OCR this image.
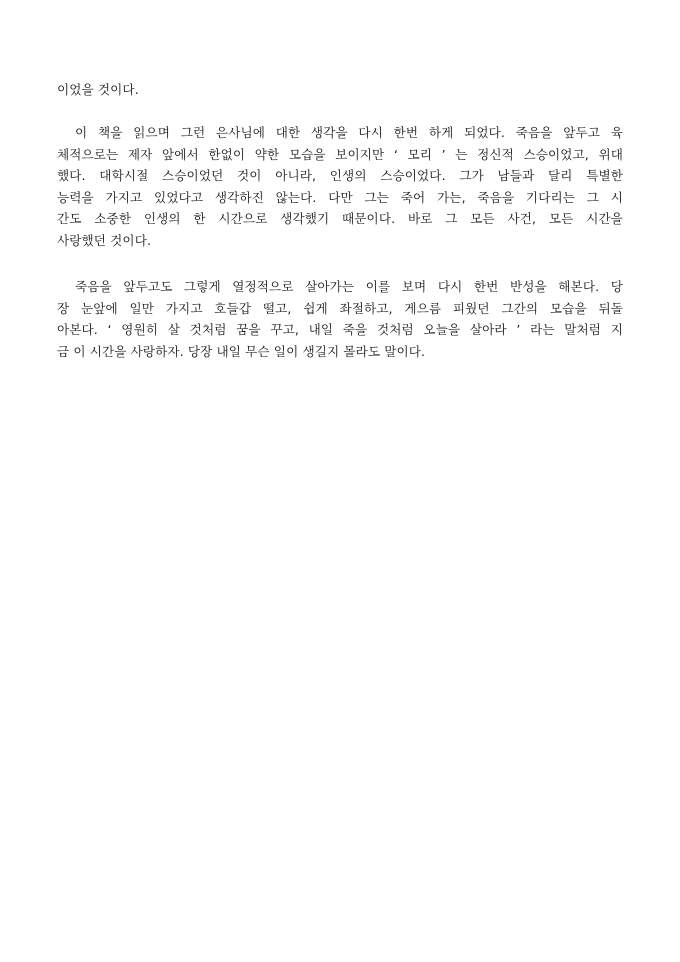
이었을 것이다.
이 책을 읽으며 그런 은사님에 대한 생각을 다시 한번 하게 되었다. 죽음을 앞두고 육
체적으로는 제자 앞에서 한없이 약한 모습을 보이지만 ‘ 모리 ’ 는 정신적 스승이었고, 위대
했다. 대학시절 스승이었던 것이 아니라, 인생의 스승이었다. 그가 남들과 달리 특별한
능력을 가지고 있었다고 생각하진 않는다. 다만 그는 죽어 가는, 죽음을 기다리는 그 시
간도 소중한 인생의 한 시간으로 생각했기 때문이다. 바로 그 모든 사건, 모든 시간을
사랑했던 것이다.
죽음을 앞두고도 그렇게 열정적으로 살아가는 이를 보며 다시 한번 반성을 해본다. 당
장 눈앞에 일만 가지고 호들갑 떨고, 쉽게 좌절하고, 게으름 피웠던 그간의 모습을 뒤돌
아본다. ‘ 영원히 살 것처럼 꿈을 꾸고, 내일 죽을 것처럼 오늘을 살아라 ’ 라는 말처럼 지
금 이 시간을 사랑하자. 당장 내일 무슨 일이 생길지 몰라도 말이다.
